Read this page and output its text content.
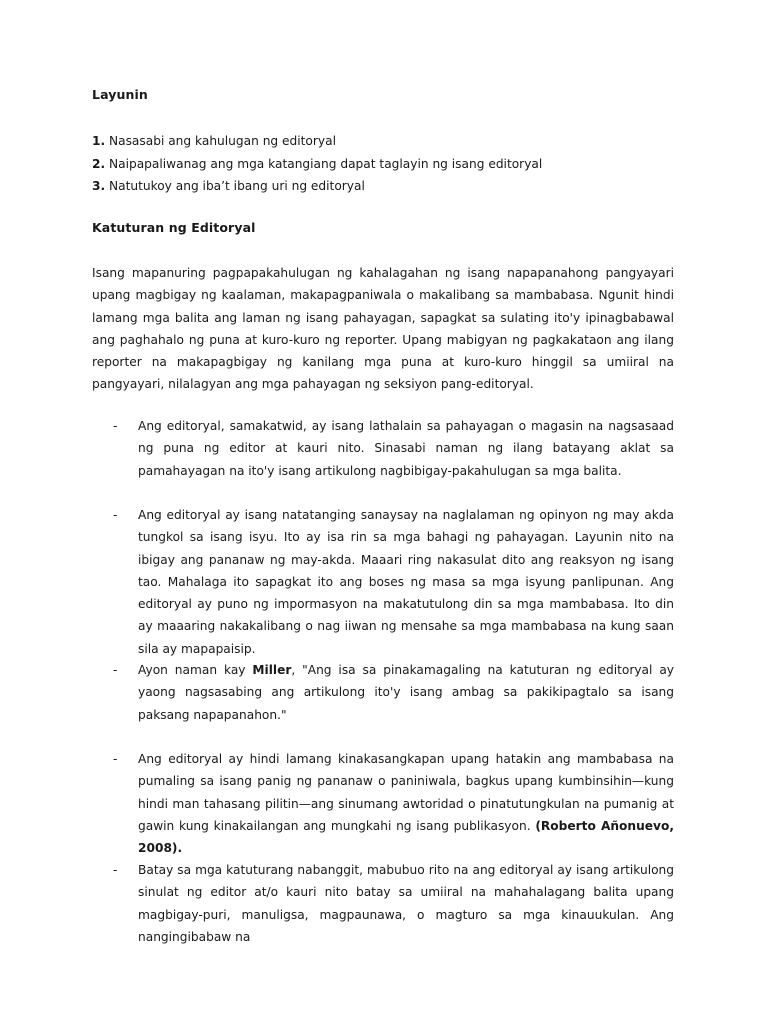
Layunin
1. Nasasabi ang kahulugan ng editoryal
2. Naipapaliwanag ang mga katangiang dapat taglayin ng isang editoryal
3. Natutukoy ang iba’t ibang uri ng editoryal
Katuturan ng Editoryal
Isang mapanuring pagpapakahulugan ng kahalagahan ng isang napapanahong pangyayari upang magbigay ng kaalaman, makapagpaniwala o makalibang sa mambabasa. Ngunit hindi lamang mga balita ang laman ng isang pahayagan, sapagkat sa sulating ito'y ipinagbabawal ang paghahalo ng puna at kuro-kuro ng reporter. Upang mabigyan ng pagkakataon ang ilang reporter na makapagbigay ng kanilang mga puna at kuro-kuro hinggil sa umiiral na pangyayari, nilalagyan ang mga pahayagan ng seksiyon pang-editoryal.
- Ang editoryal, samakatwid, ay isang lathalain sa pahayagan o magasin na nagsasaad ng puna ng editor at kauri nito. Sinasabi naman ng ilang batayang aklat sa pamahayagan na ito'y isang artikulong nagbibigay-pakahulugan sa mga balita.
- Ang editoryal ay isang natatanging sanaysay na naglalaman ng opinyon ng may akda tungkol sa isang isyu. Ito ay isa rin sa mga bahagi ng pahayagan. Layunin nito na ibigay ang pananaw ng may-akda. Maaari ring nakasulat dito ang reaksyon ng isang tao. Mahalaga ito sapagkat ito ang boses ng masa sa mga isyung panlipunan. Ang editoryal ay puno ng impormasyon na makatutulong din sa mga mambabasa. Ito din ay maaaring nakakalibang o nag iiwan ng mensahe sa mga mambabasa na kung saan sila ay mapapaisip.
- Ayon naman kay Miller, "Ang isa sa pinakamagaling na katuturan ng editoryal ay yaong nagsasabing ang artikulong ito'y isang ambag sa pakikipagtalo sa isang paksang napapanahon."
- Ang editoryal ay hindi lamang kinakasangkapan upang hatakin ang mambabasa na pumaling sa isang panig ng pananaw o paniniwala, bagkus upang kumbinsihin—kung hindi man tahasang pilitin—ang sinumang awtoridad o pinatutungkulan na pumanig at gawin kung kinakailangan ang mungkahi ng isang publikasyon. (Roberto Añonuevo, 2008).
- Batay sa mga katuturang nabanggit, mabubuo rito na ang editoryal ay isang artikulong sinulat ng editor at/o kauri nito batay sa umiiral na mahahalagang balita upang magbigay-puri, manuligsa, magpaunawa, o magturo sa mga kinauukulan. Ang nangingibabaw na
